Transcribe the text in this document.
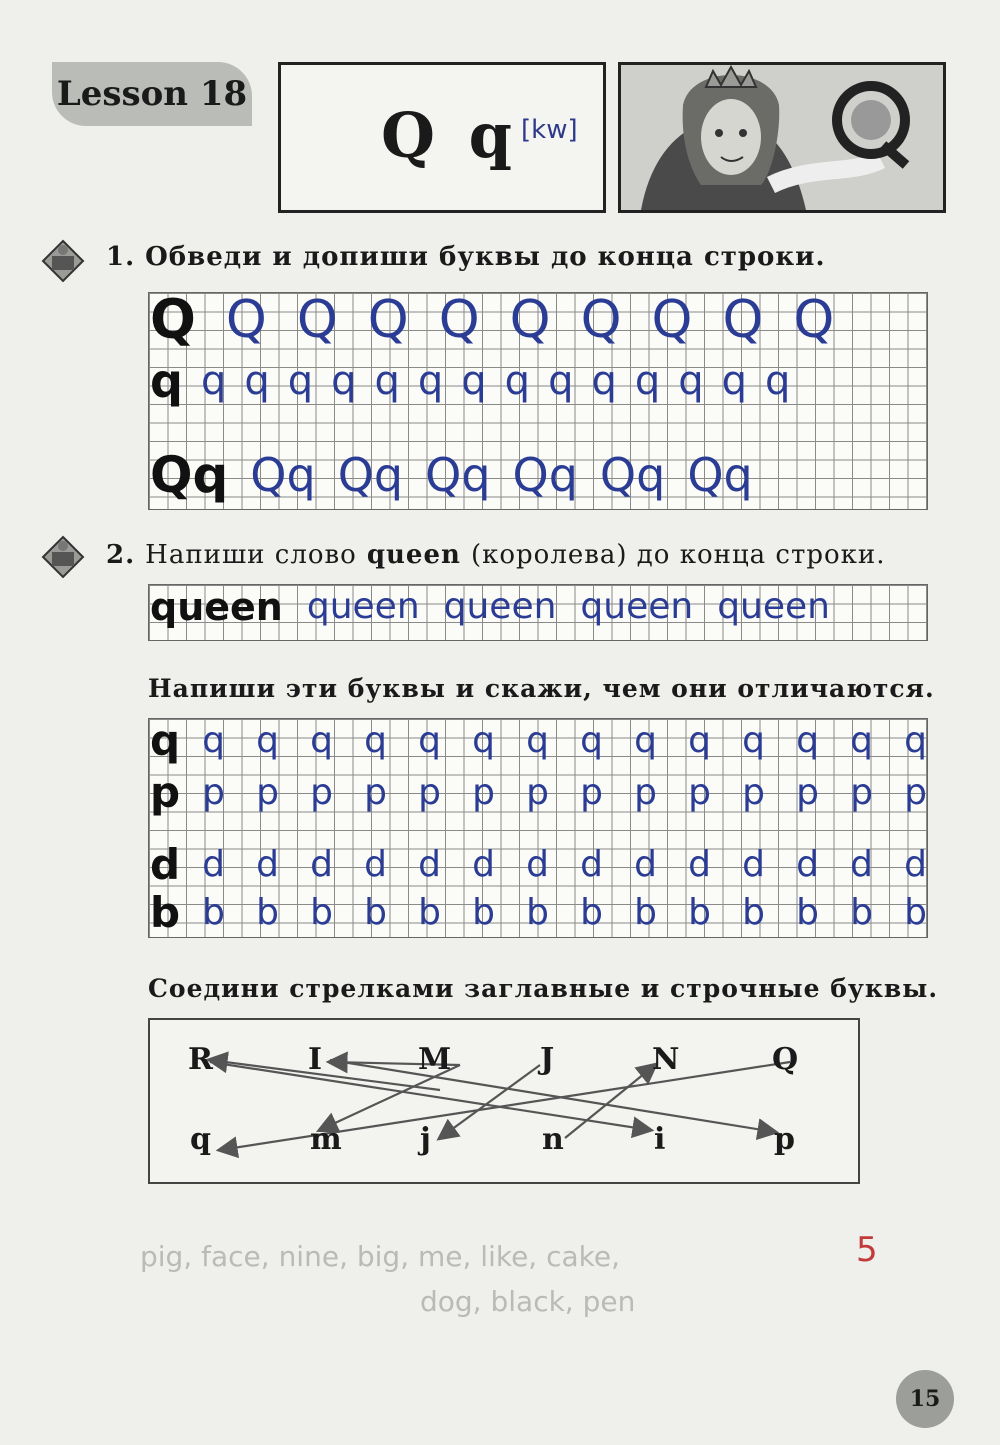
Lesson 18
Q q [kw]
1. Обведи и допиши буквы до конца строки.
Q Q Q Q Q Q Q Q Q Q
q q q q q q q q q q q q q q q
Qq Qq Qq Qq Qq Qq Qq
2. Напиши слово queen (королева) до конца строки.
queen queen queen queen queen
Напиши эти буквы и скажи, чем они отличаются.
q q q q q q q q q q q q q q q
p p p p p p p p p p p p p p p
d d d d d d d d d d d d d d d
b b b b b b b b b b b b b b b
Соедини стрелками заглавные и строчные буквы.
R	I	M	J	N	Q
q	m	j	n	i	p
5
pig, face, nine, big, me, like, cake,
dog, black, pen
15
